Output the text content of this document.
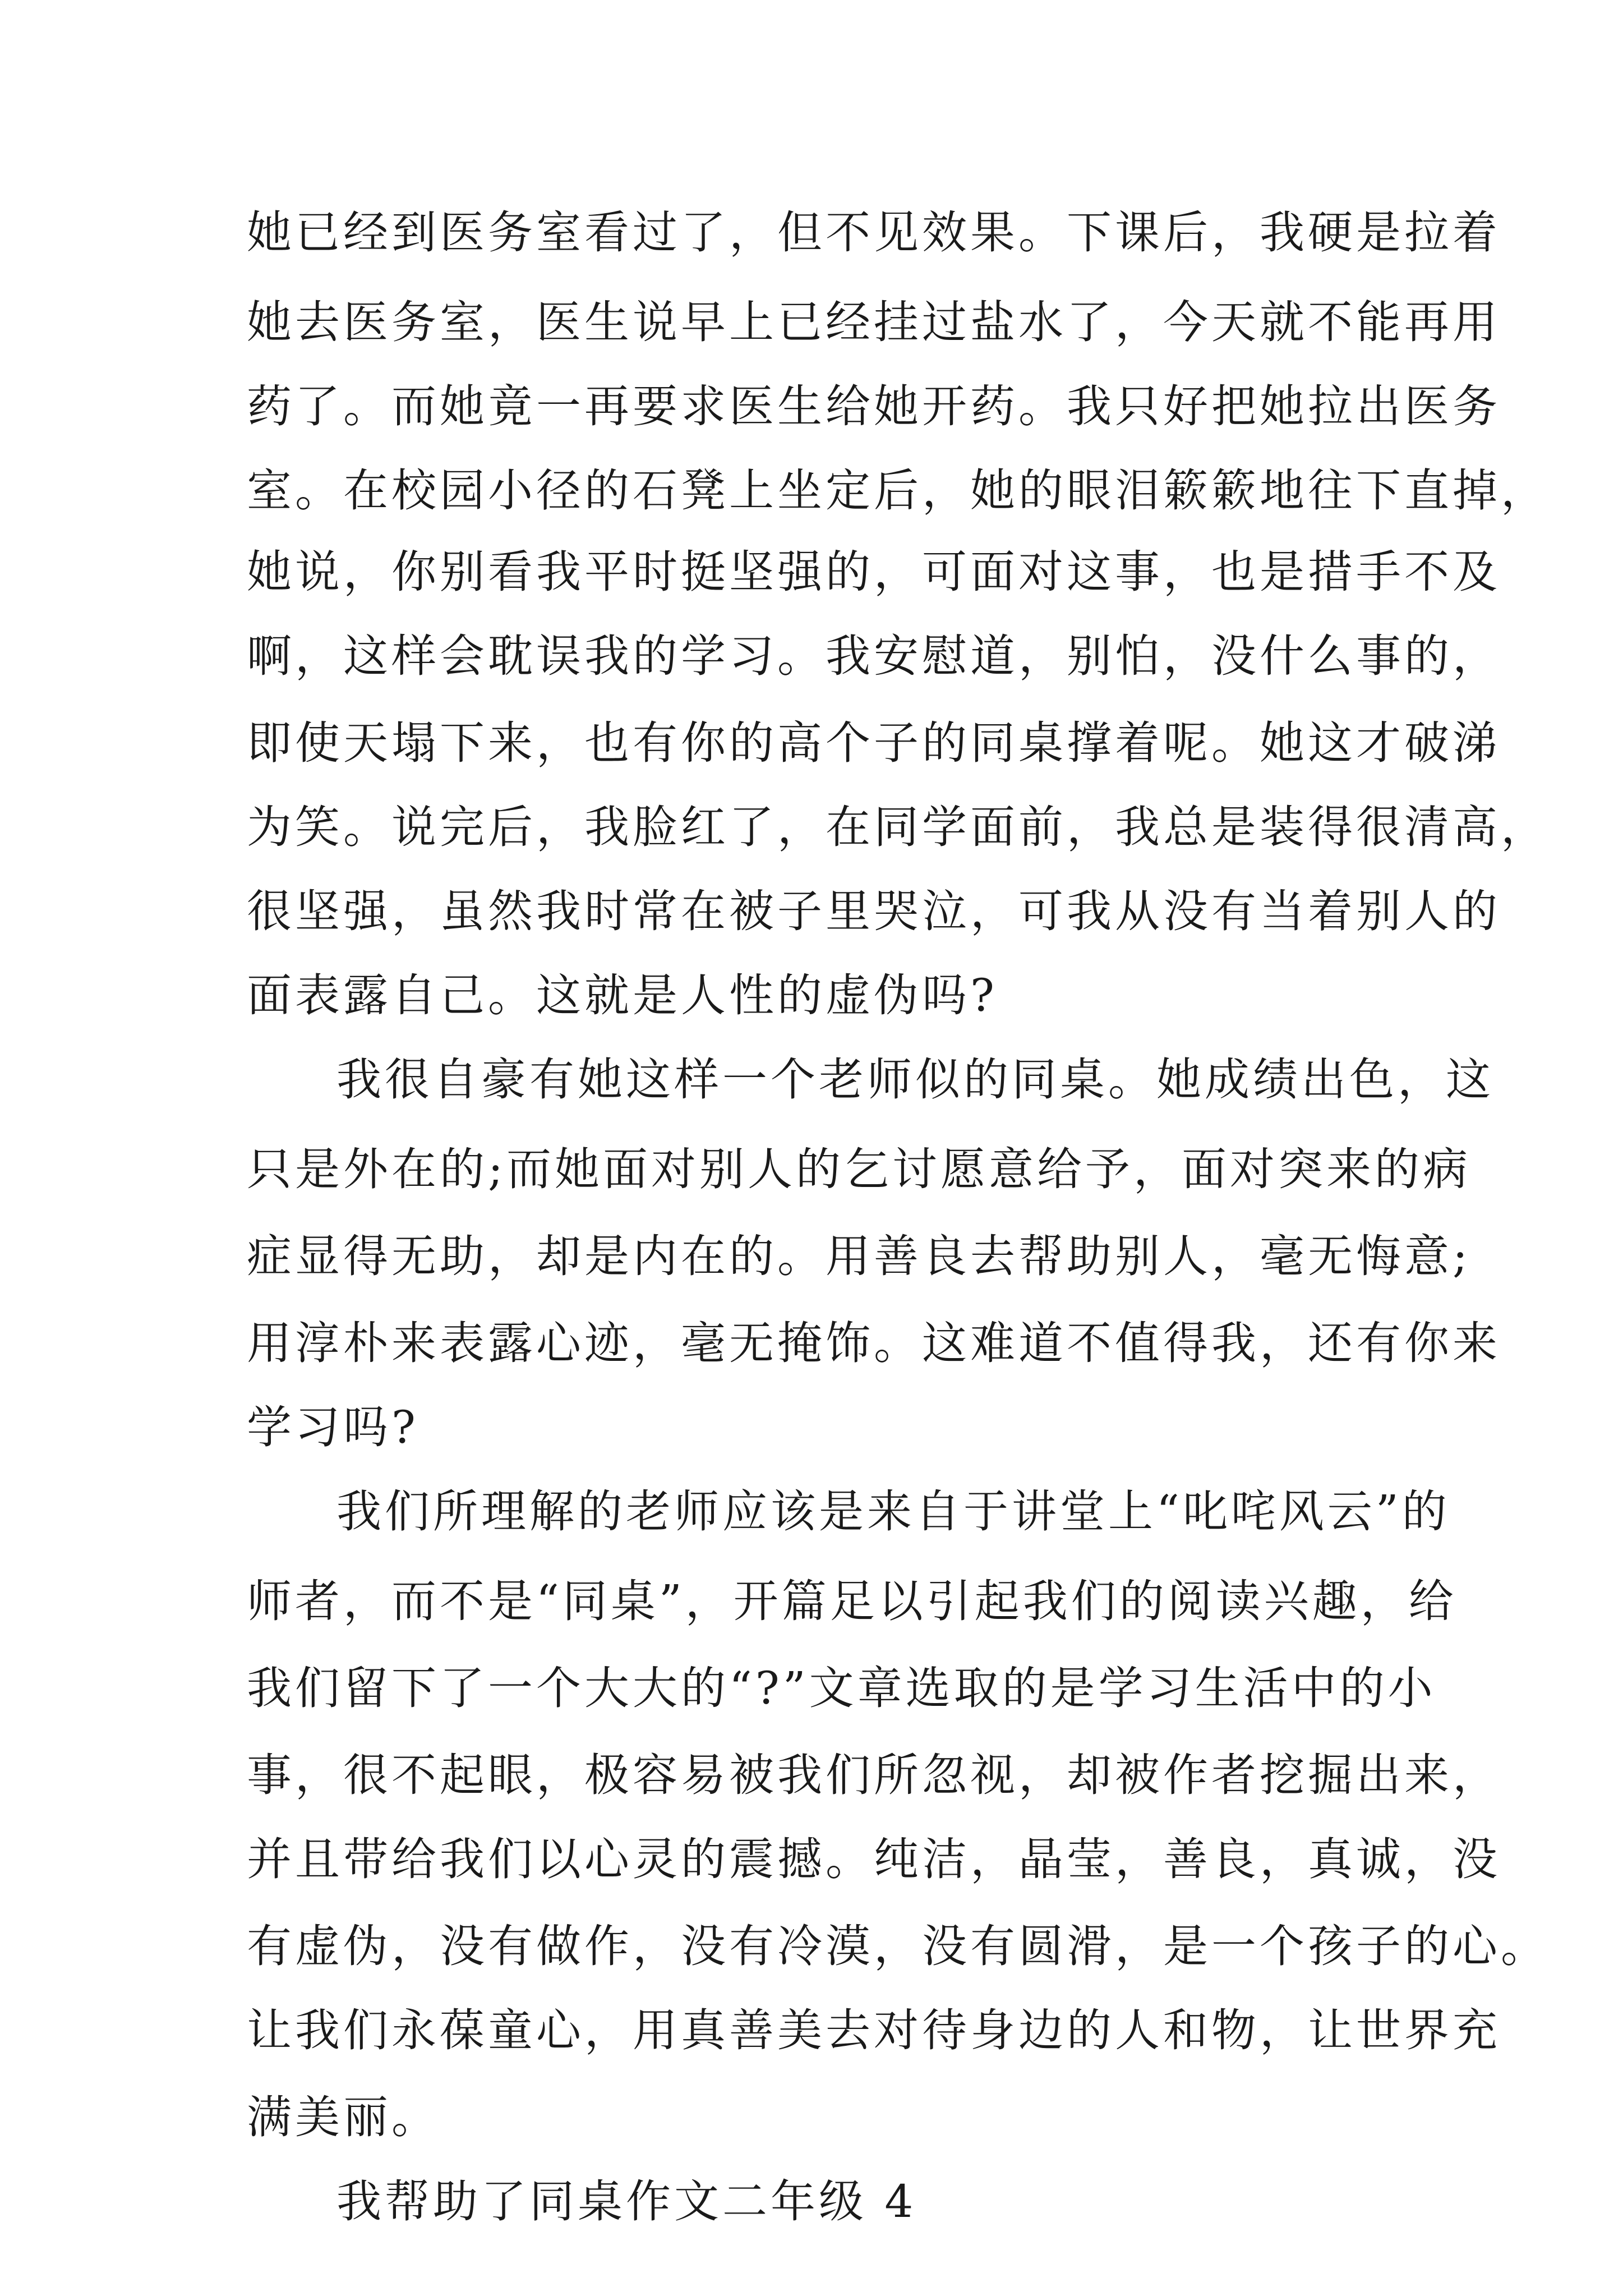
她已经到医务室看过了，但不见效果。下课后，我硬是拉着
她去医务室，医生说早上已经挂过盐水了，今天就不能再用
药了。而她竟一再要求医生给她开药。我只好把她拉出医务
室。在校园小径的石凳上坐定后，她的眼泪簌簌地往下直掉，
她说，你别看我平时挺坚强的，可面对这事，也是措手不及
啊，这样会耽误我的学习。我安慰道，别怕，没什么事的，
即使天塌下来，也有你的高个子的同桌撑着呢。她这才破涕
为笑。说完后，我脸红了，在同学面前，我总是装得很清高，
很坚强，虽然我时常在被子里哭泣，可我从没有当着别人的
面表露自己。这就是人性的虚伪吗?
我很自豪有她这样一个老师似的同桌。她成绩出色，这
只是外在的;而她面对别人的乞讨愿意给予，面对突来的病
症显得无助，却是内在的。用善良去帮助别人，毫无悔意;
用淳朴来表露心迹，毫无掩饰。这难道不值得我，还有你来
学习吗?
我们所理解的老师应该是来自于讲堂上“叱咤风云”的
师者，而不是“同桌”，开篇足以引起我们的阅读兴趣，给
我们留下了一个大大的“?”文章选取的是学习生活中的小
事，很不起眼，极容易被我们所忽视，却被作者挖掘出来，
并且带给我们以心灵的震撼。纯洁，晶莹，善良，真诚，没
有虚伪，没有做作，没有冷漠，没有圆滑，是一个孩子的心。
让我们永葆童心，用真善美去对待身边的人和物，让世界充
满美丽。
我帮助了同桌作文二年级 4
